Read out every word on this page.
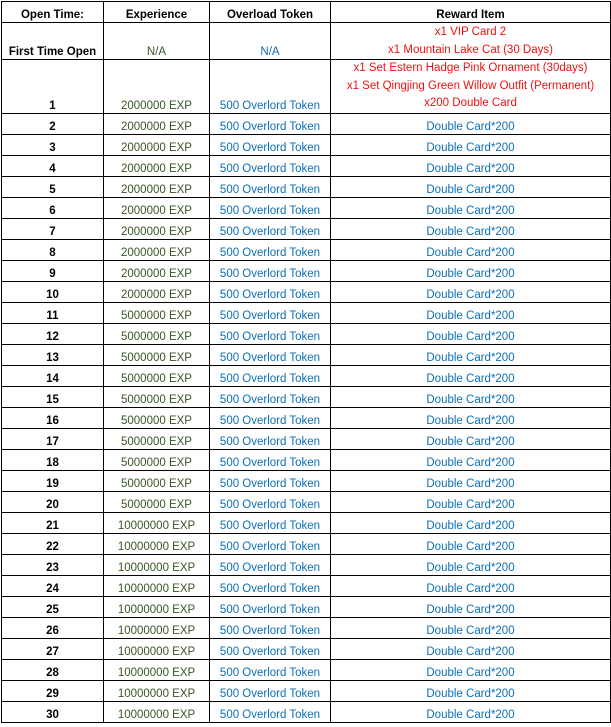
Open Time:	Experience	Overload Token	Reward Item
First Time Open	N/A	N/A	x1 VIP Card 2
x1 Mountain Lake Cat (30 Days)

1	2000000 EXP	500 Overlord Token	x1 Set Estern Hadge Pink Ornament (30days)
x1 Set Qingjing Green Willow Outfit (Permanent)
x200 Double Card

2	2000000 EXP	500 Overlord Token	Double Card*200
3	2000000 EXP	500 Overlord Token	Double Card*200
4	2000000 EXP	500 Overlord Token	Double Card*200
5	2000000 EXP	500 Overlord Token	Double Card*200
6	2000000 EXP	500 Overlord Token	Double Card*200
7	2000000 EXP	500 Overlord Token	Double Card*200
8	2000000 EXP	500 Overlord Token	Double Card*200
9	2000000 EXP	500 Overlord Token	Double Card*200
10	2000000 EXP	500 Overlord Token	Double Card*200
11	5000000 EXP	500 Overlord Token	Double Card*200
12	5000000 EXP	500 Overlord Token	Double Card*200
13	5000000 EXP	500 Overlord Token	Double Card*200
14	5000000 EXP	500 Overlord Token	Double Card*200
15	5000000 EXP	500 Overlord Token	Double Card*200
16	5000000 EXP	500 Overlord Token	Double Card*200
17	5000000 EXP	500 Overlord Token	Double Card*200
18	5000000 EXP	500 Overlord Token	Double Card*200
19	5000000 EXP	500 Overlord Token	Double Card*200
20	5000000 EXP	500 Overlord Token	Double Card*200
21	10000000 EXP	500 Overlord Token	Double Card*200
22	10000000 EXP	500 Overlord Token	Double Card*200
23	10000000 EXP	500 Overlord Token	Double Card*200
24	10000000 EXP	500 Overlord Token	Double Card*200
25	10000000 EXP	500 Overlord Token	Double Card*200
26	10000000 EXP	500 Overlord Token	Double Card*200
27	10000000 EXP	500 Overlord Token	Double Card*200
28	10000000 EXP	500 Overlord Token	Double Card*200
29	10000000 EXP	500 Overlord Token	Double Card*200
30	10000000 EXP	500 Overlord Token	Double Card*200
